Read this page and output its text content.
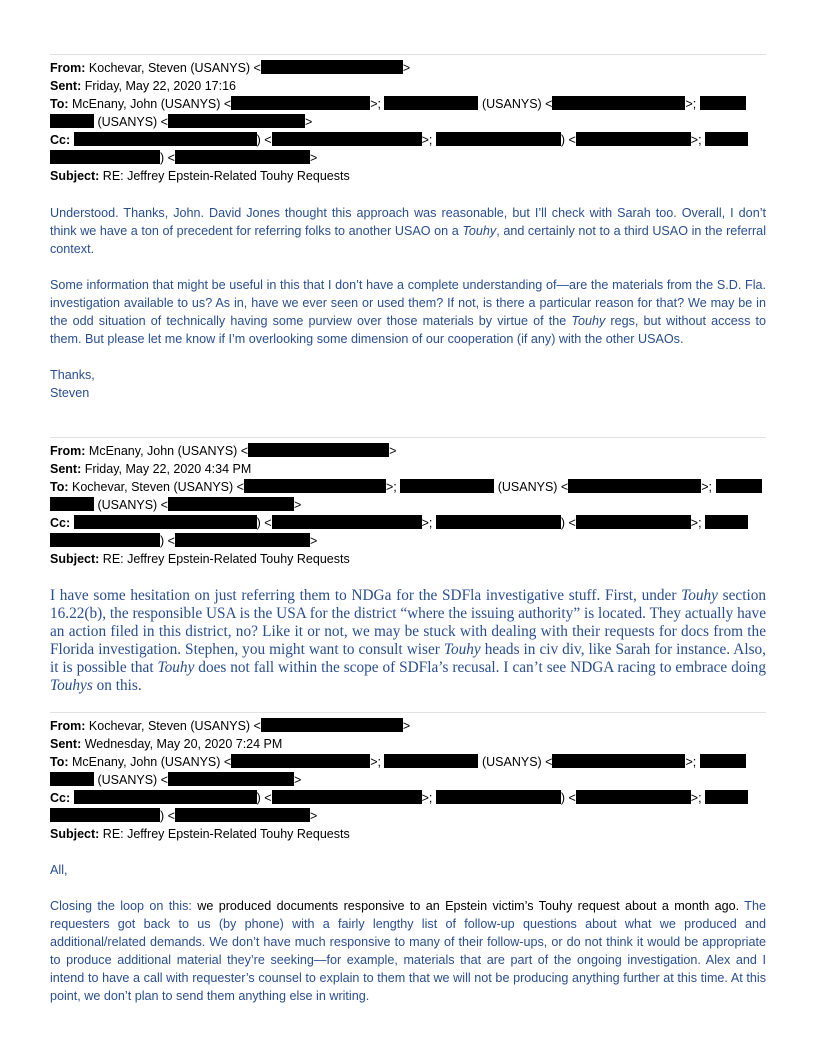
From: Kochevar, Steven (USANYS) <	>
Sent: Friday, May 22, 2020 17:16
To: McEnany, John (USANYS) <	>;	(USANYS) <	>;
(USANYS) <	>
Cc:	) <	>;	) <	>;
) <	>
Subject: RE: Jeffrey Epstein-Related Touhy Requests

Understood. Thanks, John. David Jones thought this approach was reasonable, but I’ll check with Sarah too. Overall, I don’t think we have a ton of precedent for referring folks to another USAO on a Touhy, and certainly not to a third USAO in the referral context.

Some information that might be useful in this that I don’t have a complete understanding of—are the materials from the S.D. Fla. investigation available to us? As in, have we ever seen or used them? If not, is there a particular reason for that? We may be in the odd situation of technically having some purview over those materials by virtue of the Touhy regs, but without access to them. But please let me know if I’m overlooking some dimension of our cooperation (if any) with the other USAOs.

Thanks,

Steven

From: McEnany, John (USANYS) <	>
Sent: Friday, May 22, 2020 4:34 PM
To: Kochevar, Steven (USANYS) <	>;	(USANYS) <	>;
(USANYS) <	>
Cc:	) <	>;	) <	>;
) <	>
Subject: RE: Jeffrey Epstein-Related Touhy Requests

I have some hesitation on just referring them to NDGa for the SDFla investigative stuff. First, under Touhy section 16.22(b), the responsible USA is the USA for the district “where the issuing authority” is located. They actually have an action filed in this district, no? Like it or not, we may be stuck with dealing with their requests for docs from the Florida investigation. Stephen, you might want to consult wiser Touhy heads in civ div, like Sarah for instance. Also, it is possible that Touhy does not fall within the scope of SDFla’s recusal. I can’t see NDGA racing to embrace doing Touhys on this.

From: Kochevar, Steven (USANYS) <	>
Sent: Wednesday, May 20, 2020 7:24 PM
To: McEnany, John (USANYS) <	>;	(USANYS) <	>;
(USANYS) <	>
Cc:	) <	>;	) <	>;
) <	>
Subject: RE: Jeffrey Epstein-Related Touhy Requests

All,

Closing the loop on this: we produced documents responsive to an Epstein victim’s Touhy request about a month ago. The requesters got back to us (by phone) with a fairly lengthy list of follow-up questions about what we produced and additional/related demands. We don’t have much responsive to many of their follow-ups, or do not think it would be appropriate to produce additional material they’re seeking—for example, materials that are part of the ongoing investigation. Alex and I intend to have a call with requester’s counsel to explain to them that we will not be producing anything further at this time. At this point, we don’t plan to send them anything else in writing.
